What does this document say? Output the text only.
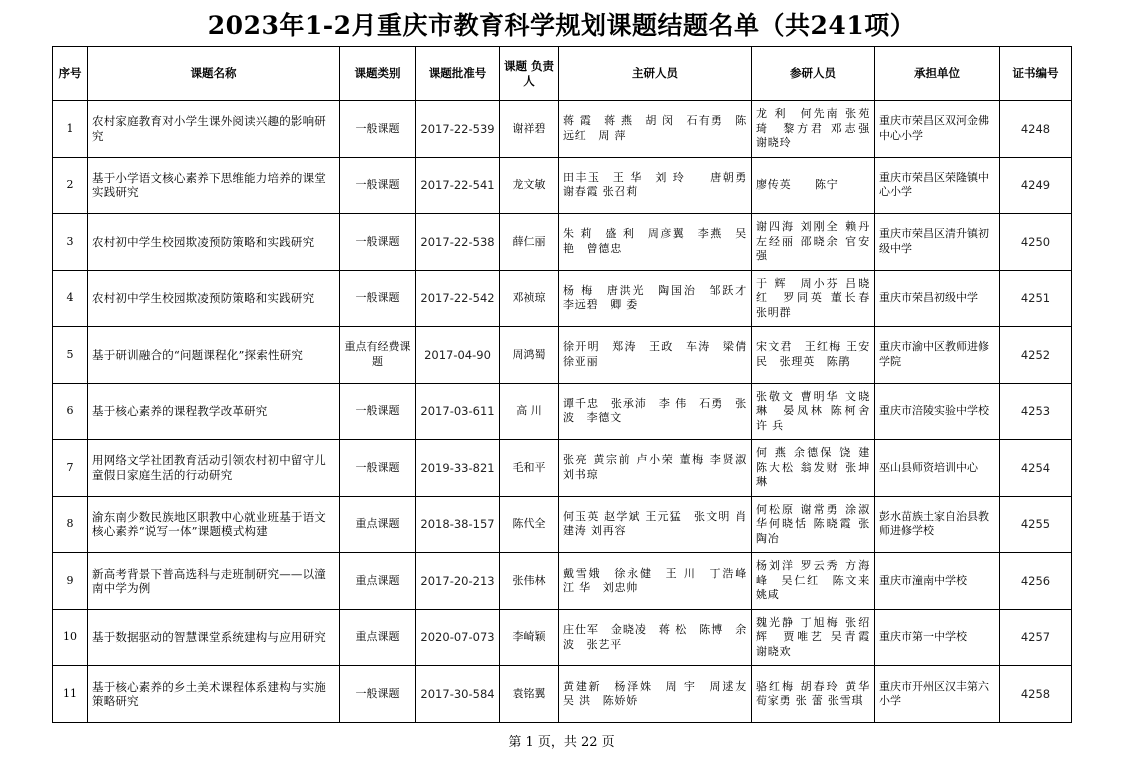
2023年1-2月重庆市教育科学规划课题结题名单（共241项）
序号	课题名称	课题类别	课题批准号	课题 负责人	主研人员	参研人员	承担单位	证书编号
1	农村家庭教育对小学生课外阅读兴趣的影响研究	一般课题	2017-22-539	谢祥碧	蒋 霞　蒋 燕　胡 闵　石有勇　陈远红　周 萍	龙 利　何先南 张苑琦　黎方君 邓志强 谢晓玲	重庆市荣昌区双河金佛中心小学	4248
2	基于小学语文核心素养下思维能力培养的课堂实践研究	一般课题	2017-22-541	龙文敏	田丰玉　王 华　刘 玲　　唐朝勇　谢春霞 张召莉	廖传英　　陈宁	重庆市荣昌区荣隆镇中心小学	4249
3	农村初中学生校园欺凌预防策略和实践研究	一般课题	2017-22-538	薛仁丽	朱 莉　盛 利　周彦翼　李燕　吴 艳　曾德忠	谢四海 刘刚全 赖丹　左经丽 邵晓余 官安强	重庆市荣昌区清升镇初级中学	4250
4	农村初中学生校园欺凌预防策略和实践研究	一般课题	2017-22-542	邓祯琼	杨 梅　唐洪光　陶国治　邹跃才　李远碧　卿 委	于 辉　周小芬 吕晓红　罗同英 董长春 张明群	重庆市荣昌初级中学	4251
5	基于研训融合的“问题课程化”探索性研究	重点有经费课题	2017-04-90	周鸿蜀	徐开明　郑涛　王政　车涛　梁倩　徐亚丽	宋文君　王红梅 王安民　张理英　陈鹃	重庆市渝中区教师进修学院	4252
6	基于核心素养的课程教学改革研究	一般课题	2017-03-611	高 川	谭千忠　张承沛　李 伟　石勇　张 波　李德文	张敬文 曹明华 文晓琳　晏凤林 陈柯舍　许 兵	重庆市涪陵实验中学校	4253
7	用网络文学社团教育活动引领农村初中留守儿童假日家庭生活的行动研究	一般课题	2019-33-821	毛和平	张亮 黄宗前 卢小荣 董梅 李贤淑 刘书琼	何 燕 余德保 饶 建 陈大松 翁发财 张坤琳	巫山县师资培训中心	4254
8	渝东南少数民族地区职教中心就业班基于语文核心素养“说写一体”课题模式构建	重点课题	2018-38-157	陈代全	何玉英 赵学斌 王元猛　张文明 肖建涛 刘再容	何松原 谢常勇 涂淑华何晓恬 陈晓霞 张陶冶	彭水苗族土家自治县教师进修学校	4255
9	新高考背景下普高选科与走班制研究——以潼南中学为例	重点课题	2017-20-213	张伟林	戴雪娥　徐永健　王 川　丁浩峰　江 华　刘忠帅	杨刘洋 罗云秀 方海峰　吴仁红　陈文来　姚咸	重庆市潼南中学校	4256
10	基于数据驱动的智慧课堂系统建构与应用研究	重点课题	2020-07-073	李崎颖	庄仕军　金晓凌　蒋 松　陈博　余 波　张艺平	魏光静 丁旭梅 张绍辉　贾唯艺 吴青霞 谢晓欢	重庆市第一中学校	4257
11	基于核心素养的乡土美术课程体系建构与实施策略研究	一般课题	2017-30-584	袁铭翼	黄建新　杨泽姝　周 宇　周逑友 吴 洪　陈娇娇	骆红梅 胡春玲 黄华 荀家勇 张 蕾 张雪琪	重庆市开州区汉丰第六小学	4258
第 1 页，共 22 页
